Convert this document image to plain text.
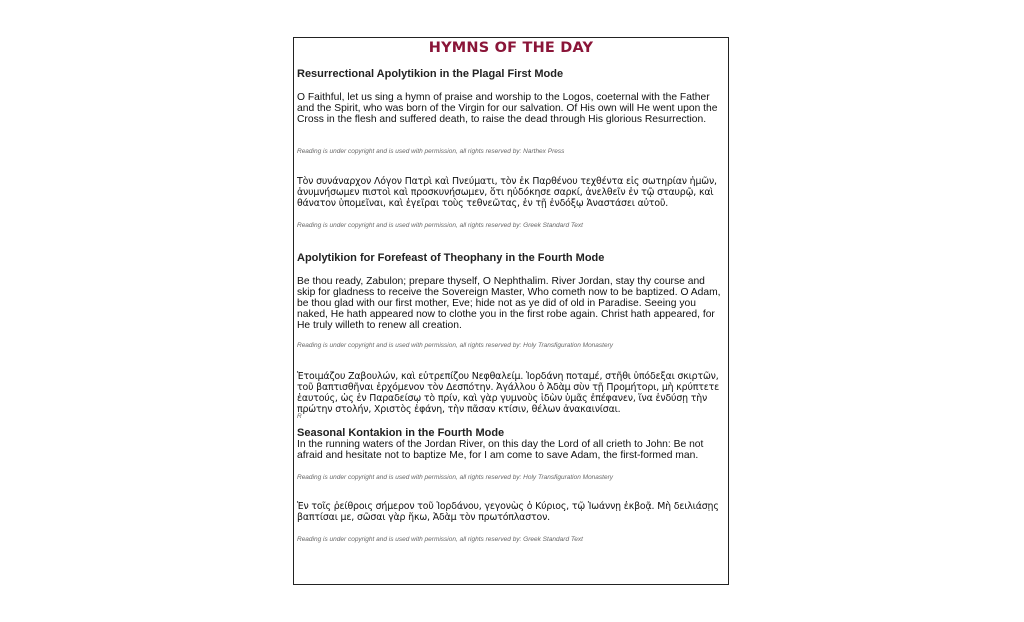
HYMNS OF THE DAY
Resurrectional Apolytikion in the Plagal First Mode
O Faithful, let us sing a hymn of praise and worship to the Logos, coeternal with the Father and the Spirit, who was born of the Virgin for our salvation. Of His own will He went upon the Cross in the flesh and suffered death, to raise the dead through His glorious Resurrection.
Reading is under copyright and is used with permission, all rights reserved by: Narthex Press
Τὸν συνάναρχον Λόγον Πατρὶ καὶ Πνεύματι, τὸν ἐκ Παρθένου τεχθέντα εἰς σωτηρίαν ἡμῶν, ἀνυμνήσωμεν πιστοὶ καὶ προσκυνήσωμεν, ὅτι ηὐδόκησε σαρκί, ἀνελθεῖν ἐν τῷ σταυρῷ, καὶ θάνατον ὑπομεῖναι, καὶ ἐγεῖραι τοὺς τεθνεῶτας, ἐν τῇ ἐνδόξῳ Ἀναστάσει αὐτοῦ.
Reading is under copyright and is used with permission, all rights reserved by: Greek Standard Text
Apolytikion for Forefeast of Theophany in the Fourth Mode
Be thou ready, Zabulon; prepare thyself, O Nephthalim. River Jordan, stay thy course and skip for gladness to receive the Sovereign Master, Who cometh now to be baptized. O Adam, be thou glad with our first mother, Eve; hide not as ye did of old in Paradise. Seeing you naked, He hath appeared now to clothe you in the first robe again. Christ hath appeared, for He truly willeth to renew all creation.
Reading is under copyright and is used with permission, all rights reserved by: Holy Transfiguration Monastery
Ἑτοιμάζου Ζαβουλών, καὶ εὐτρεπίζου Νεφθαλείμ. Ἰορδάνη ποταμέ, στῆθι ὑπόδεξαι σκιρτῶν, τοῦ βαπτισθῆναι ἐρχόμενον τὸν Δεσπότην. Ἀγάλλου ὁ Ἀδὰμ σὺν τῇ Προμήτορι, μὴ κρύπτετε ἑαυτούς, ὡς ἐν Παραδείσῳ τὸ πρίν, καὶ γὰρ γυμνοὺς ἰδὼν ὑμᾶς ἐπέφανεν, ἵνα ἐνδύσῃ τὴν πρώτην στολήν, Χριστὸς ἐφάνη, τὴν πᾶσαν κτίσιν, θέλων ἀνακαινίσαι.
R
Seasonal Kontakion in the Fourth Mode
In the running waters of the Jordan River, on this day the Lord of all crieth to John: Be not afraid and hesitate not to baptize Me, for I am come to save Adam, the first-formed man.
Reading is under copyright and is used with permission, all rights reserved by: Holy Transfiguration Monastery
Ἐν τοῖς ῥείθροις σήμερον τοῦ Ἰορδάνου, γεγονὼς ὁ Κύριος, τῷ Ἰωάννῃ ἐκβοᾷ. Μὴ δειλιάσῃς βαπτίσαι με, σῶσαι γὰρ ἥκω, Ἀδὰμ τὸν πρωτόπλαστον.
Reading is under copyright and is used with permission, all rights reserved by: Greek Standard Text
